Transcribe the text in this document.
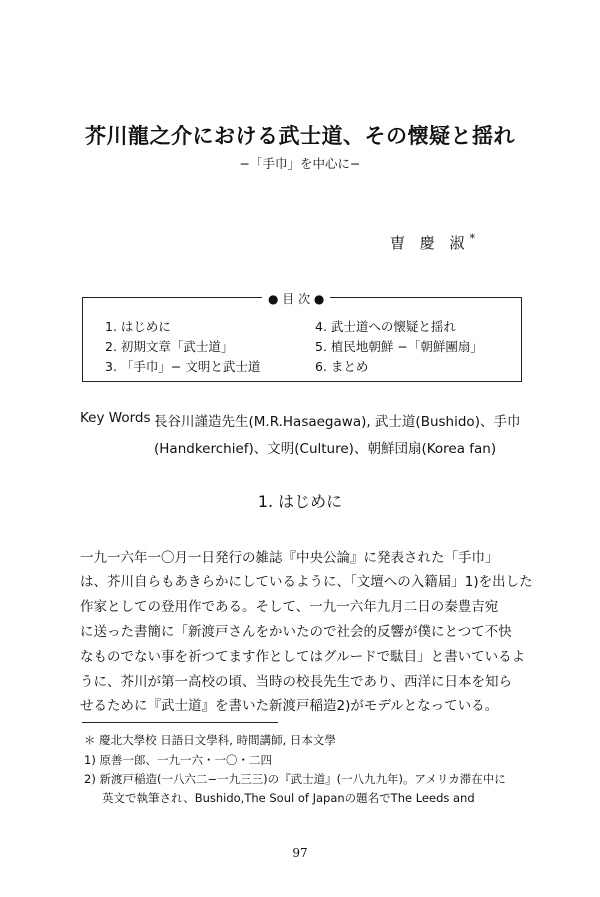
芥川龍之介における武士道、その懐疑と揺れ
−「手巾」を中心に−
曺 慶 淑*
● 目 次 ●
1. はじめに
2. 初期文章「武士道」
3. 「手巾」− 文明と武士道
4. 武士道への懐疑と揺れ
5. 植民地朝鮮 −「朝鮮團扇」
6. まとめ
Key Words :
長谷川謹造先生(M.R.Hasaegawa), 武士道(Bushido)、手巾
(Handkerchief)、文明(Culture)、朝鮮団扇(Korea fan)
1. はじめに
一九一六年一〇月一日発行の雑誌『中央公論』に発表された「手巾」
は、芥川自らもあきらかにしているように、「文壇への入籍届」1)を出した
作家としての登用作である。そして、一九一六年九月二日の秦豊吉宛
に送った書簡に「新渡戸さんをかいたので社会的反響が僕にとつて不快
なものでない事を祈つてます作としてはグルードで駄目」と書いているよ
うに、芥川が第一高校の頃、当時の校長先生であり、西洋に日本を知ら
せるために『武士道』を書いた新渡戸稲造2)がモデルとなっている。
＊ 慶北大學校 日語日文學科, 時間講師, 日本文學
1) 原善一郎、一九一六・一〇・二四
2) 新渡戸稲造(一八六二−一九三三)の『武士道』(一八九九年)。アメリカ滞在中に
英文で執筆され、Bushido,The Soul of Japanの題名でThe Leeds and
97
